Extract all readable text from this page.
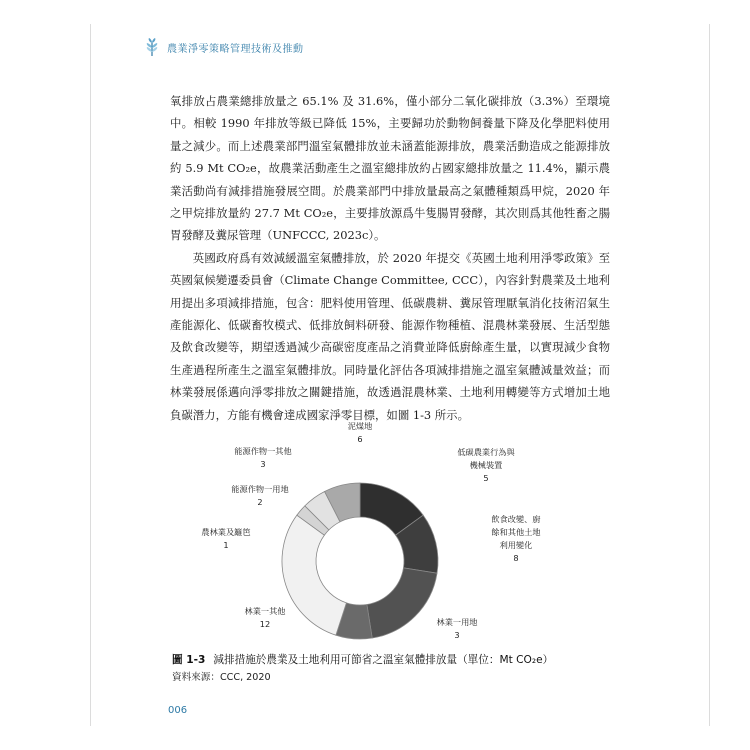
農業淨零策略管理技術及推動

氧排放占農業總排放量之 65.1% 及 31.6%，僅小部分二氧化碳排放（3.3%）至環境中。相較 1990 年排放等級已降低 15%，主要歸功於動物飼養量下降及化學肥料使用量之減少。而上述農業部門溫室氣體排放並未涵蓋能源排放，農業活動造成之能源排放約 5.9 Mt CO₂e，故農業活動產生之溫室總排放約占國家總排放量之 11.4%，顯示農業活動尚有減排措施發展空間。於農業部門中排放量最高之氣體種類爲甲烷，2020 年之甲烷排放量約 27.7 Mt CO₂e，主要排放源爲牛隻腸胃發酵，其次則爲其他牲畜之腸胃發酵及糞尿管理（UNFCCC, 2023c）。

英國政府爲有效減緩溫室氣體排放，於 2020 年提交《英國土地利用淨零政策》至英國氣候變遷委員會（Climate Change Committee, CCC），內容針對農業及土地利用提出多項減排措施，包含：肥料使用管理、低碳農耕、糞尿管理厭氧消化技術沼氣生產能源化、低碳畜牧模式、低排放飼料研發、能源作物種植、混農林業發展、生活型態及飲食改變等，期望透過減少高碳密度產品之消費並降低廚餘產生量，以實現減少食物生產過程所產生之溫室氣體排放。同時量化評估各項減排措施之溫室氣體減量效益；而林業發展係邁向淨零排放之關鍵措施，故透過混農林業、土地利用轉變等方式增加土地負碳潛力，方能有機會達成國家淨零目標，如圖 1-3 所示。

泥煤地
6
低碳農業行為與
機械裝置
5
飲食改變、廚
餘和其他土地
利用變化
8
林業一用地
3
林業一其他
12
農林業及籬笆
1
能源作物一用地
2
能源作物一其他
3
圖 1-3 減排措施於農業及土地利用可節省之溫室氣體排放量（單位：Mt CO₂e）
資料來源：CCC, 2020
006
